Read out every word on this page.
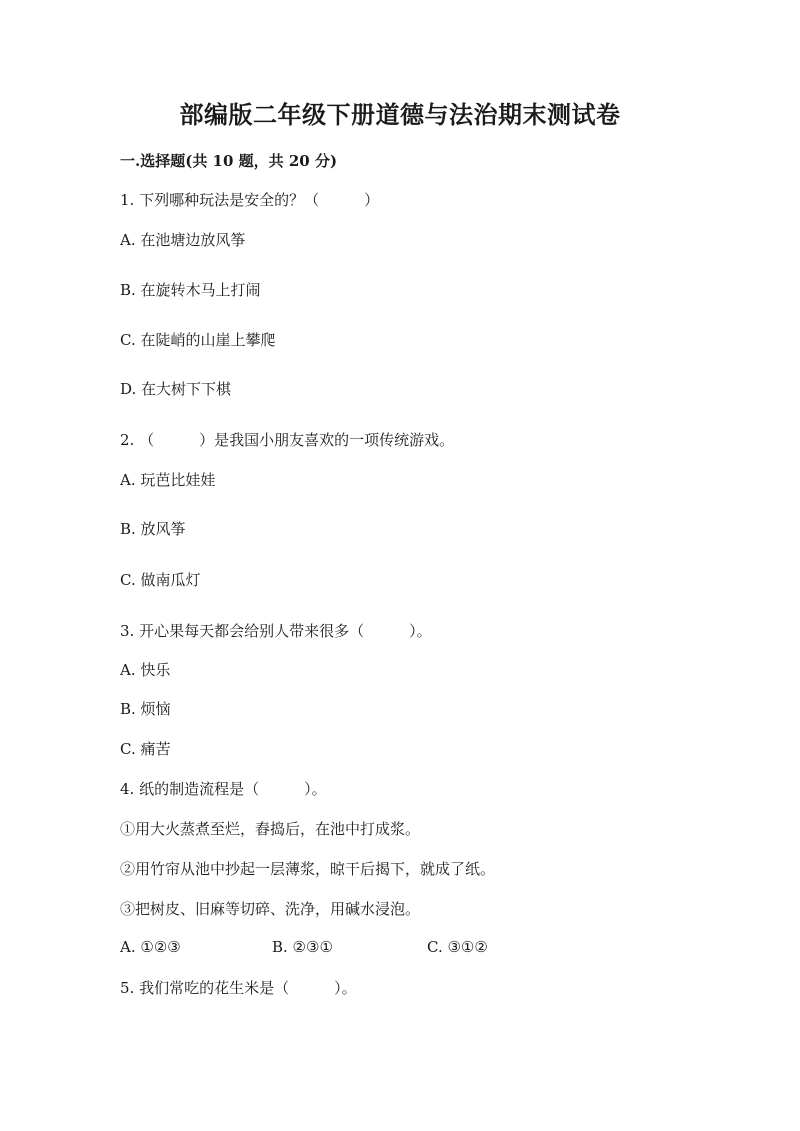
部编版二年级下册道德与法治期末测试卷
一.选择题(共 10 题，共 20 分)
1. 下列哪种玩法是安全的？（　　　）
A. 在池塘边放风筝
B. 在旋转木马上打闹
C. 在陡峭的山崖上攀爬
D. 在大树下下棋
2. （　　　）是我国小朋友喜欢的一项传统游戏。
A. 玩芭比娃娃
B. 放风筝
C. 做南瓜灯
3. 开心果每天都会给别人带来很多（　　　）。
A. 快乐
B. 烦恼
C. 痛苦
4. 纸的制造流程是（　　　）。
①用大火蒸煮至烂，舂捣后，在池中打成浆。
②用竹帘从池中抄起一层薄浆，晾干后揭下，就成了纸。
③把树皮、旧麻等切碎、洗净，用碱水浸泡。
A. ①②③	B. ②③①	C. ③①②
5. 我们常吃的花生米是（　　　）。
